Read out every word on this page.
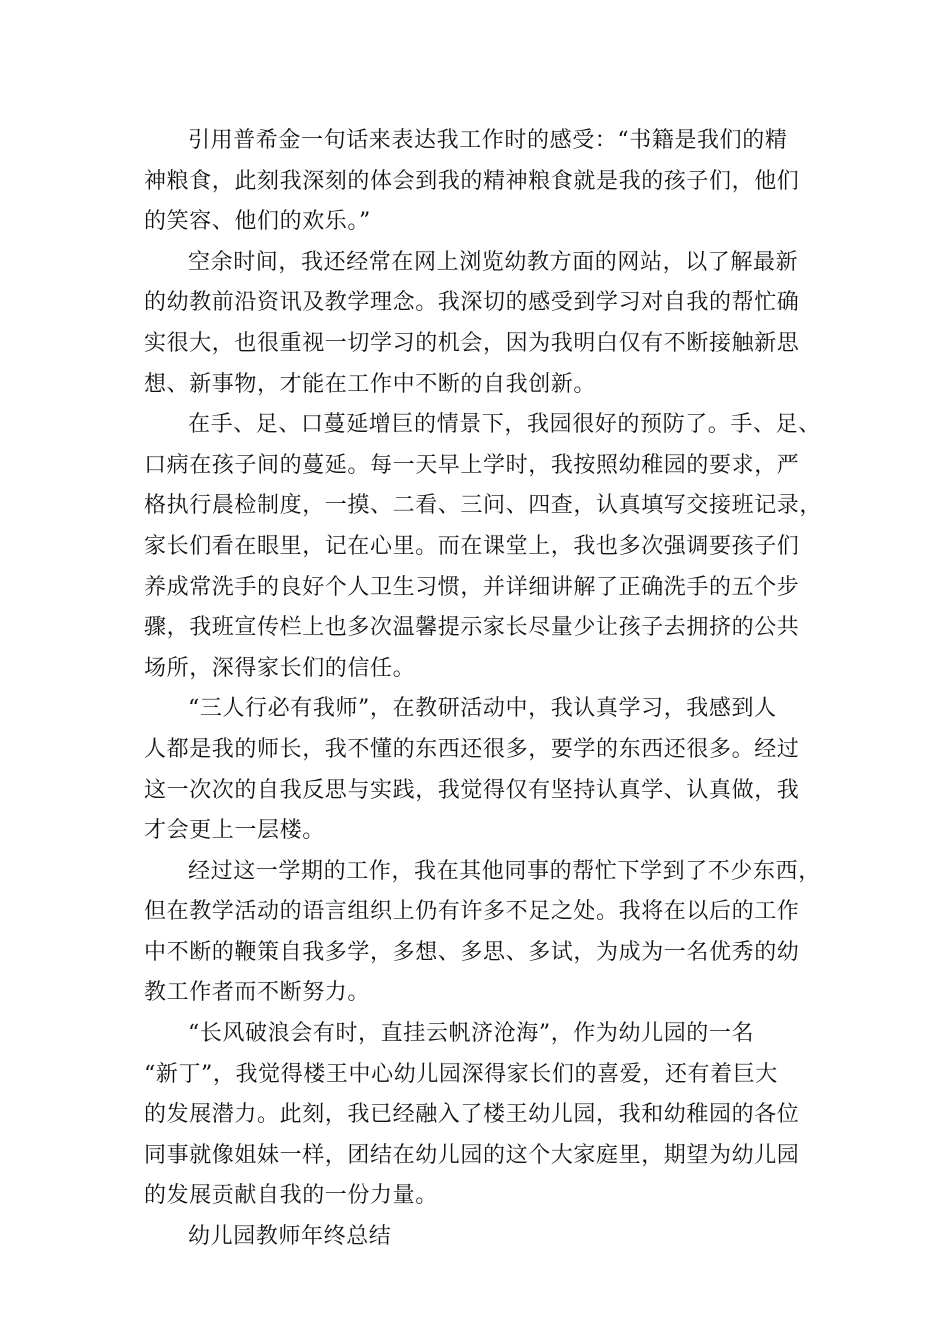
引用普希金一句话来表达我工作时的感受：“书籍是我们的精
神粮食，此刻我深刻的体会到我的精神粮食就是我的孩子们，他们
的笑容、他们的欢乐。”

空余时间，我还经常在网上浏览幼教方面的网站，以了解最新
的幼教前沿资讯及教学理念。我深切的感受到学习对自我的帮忙确
实很大，也很重视一切学习的机会，因为我明白仅有不断接触新思
想、新事物，才能在工作中不断的自我创新。

在手、足、口蔓延增巨的情景下，我园很好的预防了。手、足、
口病在孩子间的蔓延。每一天早上学时，我按照幼稚园的要求，严
格执行晨检制度，一摸、二看、三问、四查，认真填写交接班记录，
家长们看在眼里，记在心里。而在课堂上，我也多次强调要孩子们
养成常洗手的良好个人卫生习惯，并详细讲解了正确洗手的五个步
骤，我班宣传栏上也多次温馨提示家长尽量少让孩子去拥挤的公共
场所，深得家长们的信任。

“三人行必有我师”，在教研活动中，我认真学习，我感到人
人都是我的师长，我不懂的东西还很多，要学的东西还很多。经过
这一次次的自我反思与实践，我觉得仅有坚持认真学、认真做，我
才会更上一层楼。

经过这一学期的工作，我在其他同事的帮忙下学到了不少东西，
但在教学活动的语言组织上仍有许多不足之处。我将在以后的工作
中不断的鞭策自我多学，多想、多思、多试，为成为一名优秀的幼
教工作者而不断努力。

“长风破浪会有时，直挂云帆济沧海”，作为幼儿园的一名
“新丁”，我觉得楼王中心幼儿园深得家长们的喜爱，还有着巨大
的发展潜力。此刻，我已经融入了楼王幼儿园，我和幼稚园的各位
同事就像姐妹一样，团结在幼儿园的这个大家庭里，期望为幼儿园
的发展贡献自我的一份力量。

幼儿园教师年终总结
